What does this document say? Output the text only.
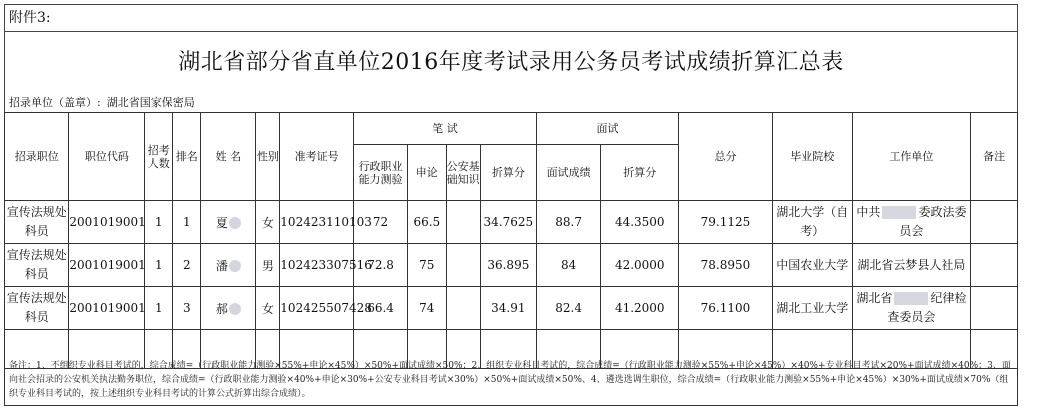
附件3:
湖北省部分省直单位2016年度考试录用公务员考试成绩折算汇总表
招录单位（盖章）: 湖北省国家保密局
招录职位	职位代码	招考人数	排名	姓 名	性别	准考证号	笔 试				面试		总分	毕业院校	工作单位	备注
							行政职业能力测验	申论	公安基础知识	折算分	面试成绩	折算分				
宣传法规处科员	2001019001	1	1	夏	女	102423110103	72	66.5		34.7625	88.7	44.3500	79.1125	湖北大学（自考）	中共 委政法委员会	
宣传法规处科员	2001019001	1	2	潘	男	102423307516	72.8	75		36.895	84	42.0000	78.8950	中国农业大学	湖北省云梦县人社局	
宣传法规处科员	2001019001	1	3	郝	女	102425507428	66.4	74		34.91	82.4	41.2000	76.1100	湖北工业大学	湖北省 纪律检查委员会	

备注：1、不组织专业科目考试的，综合成绩=（行政职业能力测验×55%+申论×45%）×50%+面试成绩×50%；2、组织专业科目考试的，综合成绩=（行政职业能力测验×55%+申论×45%）×40%+专业科目考试×20%+面试成绩×40%；3、面向社会招录的公安机关执法勤务职位，综合成绩=（行政职业能力测验×40%+申论×30%+公安专业科目考试×30%）×50%+面试成绩×50%、4、遴选选调生职位，综合成绩=（行政职业能力测验×55%+申论×45%）×30%+面试成绩×70%（组织专业科目考试的，按上述组织专业科目考试的计算公式折算出综合成绩）。
